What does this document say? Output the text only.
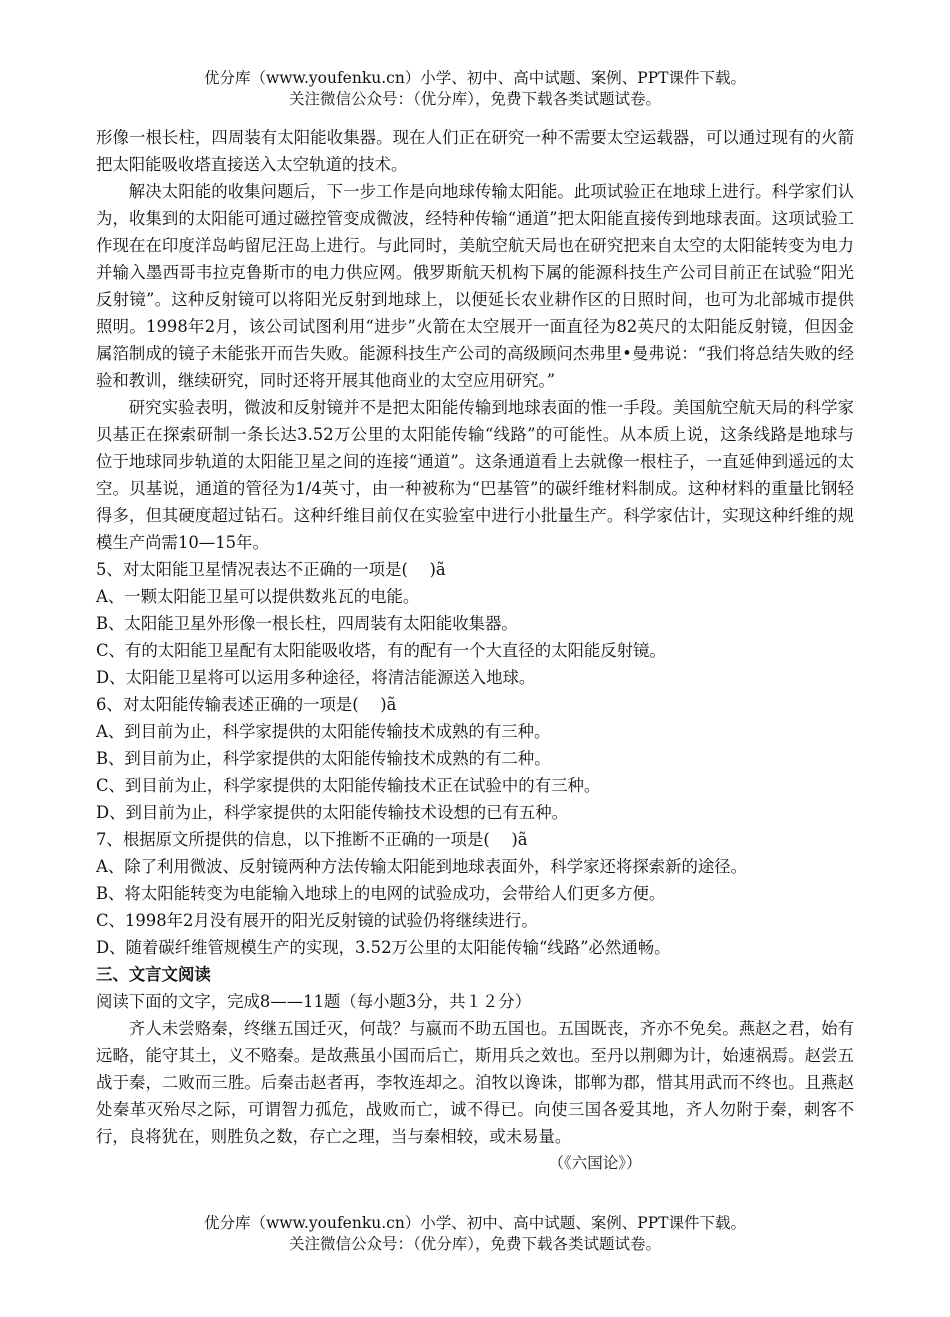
优分库（www.youfenku.cn）小学、初中、高中试题、案例、PPT课件下载。
关注微信公众号：（优分库），免费下载各类试题试卷。

形像一根长柱，四周装有太阳能收集器。现在人们正在研究一种不需要太空运载器，可以通过现有的火箭把太阳能吸收塔直接送入太空轨道的技术。

解决太阳能的收集问题后，下一步工作是向地球传输太阳能。此项试验正在地球上进行。科学家们认为，收集到的太阳能可通过磁控管变成微波，经特种传输“通道”把太阳能直接传到地球表面。这项试验工作现在在印度洋岛屿留尼汪岛上进行。与此同时，美航空航天局也在研究把来自太空的太阳能转变为电力并输入墨西哥韦拉克鲁斯市的电力供应网。俄罗斯航天机构下属的能源科技生产公司目前正在试验“阳光反射镜”。这种反射镜可以将阳光反射到地球上，以便延长农业耕作区的日照时间，也可为北部城市提供照明。1998年2月，该公司试图利用“进步”火箭在太空展开一面直径为82英尺的太阳能反射镜，但因金属箔制成的镜子未能张开而告失败。能源科技生产公司的高级顾问杰弗里•曼弗说：“我们将总结失败的经验和教训，继续研究，同时还将开展其他商业的太空应用研究。”

研究实验表明，微波和反射镜并不是把太阳能传输到地球表面的惟一手段。美国航空航天局的科学家贝基正在探索研制一条长达3.52万公里的太阳能传输“线路”的可能性。从本质上说，这条线路是地球与位于地球同步轨道的太阳能卫星之间的连接“通道”。这条通道看上去就像一根柱子，一直延伸到遥远的太空。贝基说，通道的管径为1/4英寸，由一种被称为“巴基管”的碳纤维材料制成。这种材料的重量比钢轻得多，但其硬度超过钻石。这种纤维目前仅在实验室中进行小批量生产。科学家估计，实现这种纤维的规模生产尚需10—15年。

5、对太阳能卫星情况表达不正确的一项是(　 )ã

A、一颗太阳能卫星可以提供数兆瓦的电能。

B、太阳能卫星外形像一根长柱，四周装有太阳能收集器。

C、有的太阳能卫星配有太阳能吸收塔，有的配有一个大直径的太阳能反射镜。

D、太阳能卫星将可以运用多种途径，将清洁能源送入地球。

6、对太阳能传输表述正确的一项是(　 )ã

A、到目前为止，科学家提供的太阳能传输技术成熟的有三种。

B、到目前为止，科学家提供的太阳能传输技术成熟的有二种。

C、到目前为止，科学家提供的太阳能传输技术正在试验中的有三种。

D、到目前为止，科学家提供的太阳能传输技术设想的已有五种。

7、根据原文所提供的信息，以下推断不正确的一项是(　 )ã

A、除了利用微波、反射镜两种方法传输太阳能到地球表面外，科学家还将探索新的途径。

B、将太阳能转变为电能输入地球上的电网的试验成功，会带给人们更多方便。

C、1998年2月没有展开的阳光反射镜的试验仍将继续进行。

D、随着碳纤维管规模生产的实现，3.52万公里的太阳能传输“线路”必然通畅。

三、文言文阅读

阅读下面的文字，完成8——11题（每小题3分，共１２分）

齐人未尝赂秦，终继五国迁灭，何哉？与嬴而不助五国也。五国既丧，齐亦不免矣。燕赵之君，始有远略，能守其土，义不赂秦。是故燕虽小国而后亡，斯用兵之效也。至丹以荆卿为计，始速祸焉。赵尝五战于秦，二败而三胜。后秦击赵者再，李牧连却之。洎牧以谗诛，邯郸为郡，惜其用武而不终也。且燕赵处秦革灭殆尽之际，可谓智力孤危，战败而亡，诚不得已。向使三国各爱其地，齐人勿附于秦，刺客不行，良将犹在，则胜负之数，存亡之理，当与秦相较，或未易量。

（《六国论》）

优分库（www.youfenku.cn）小学、初中、高中试题、案例、PPT课件下载。
关注微信公众号：（优分库），免费下载各类试题试卷。
